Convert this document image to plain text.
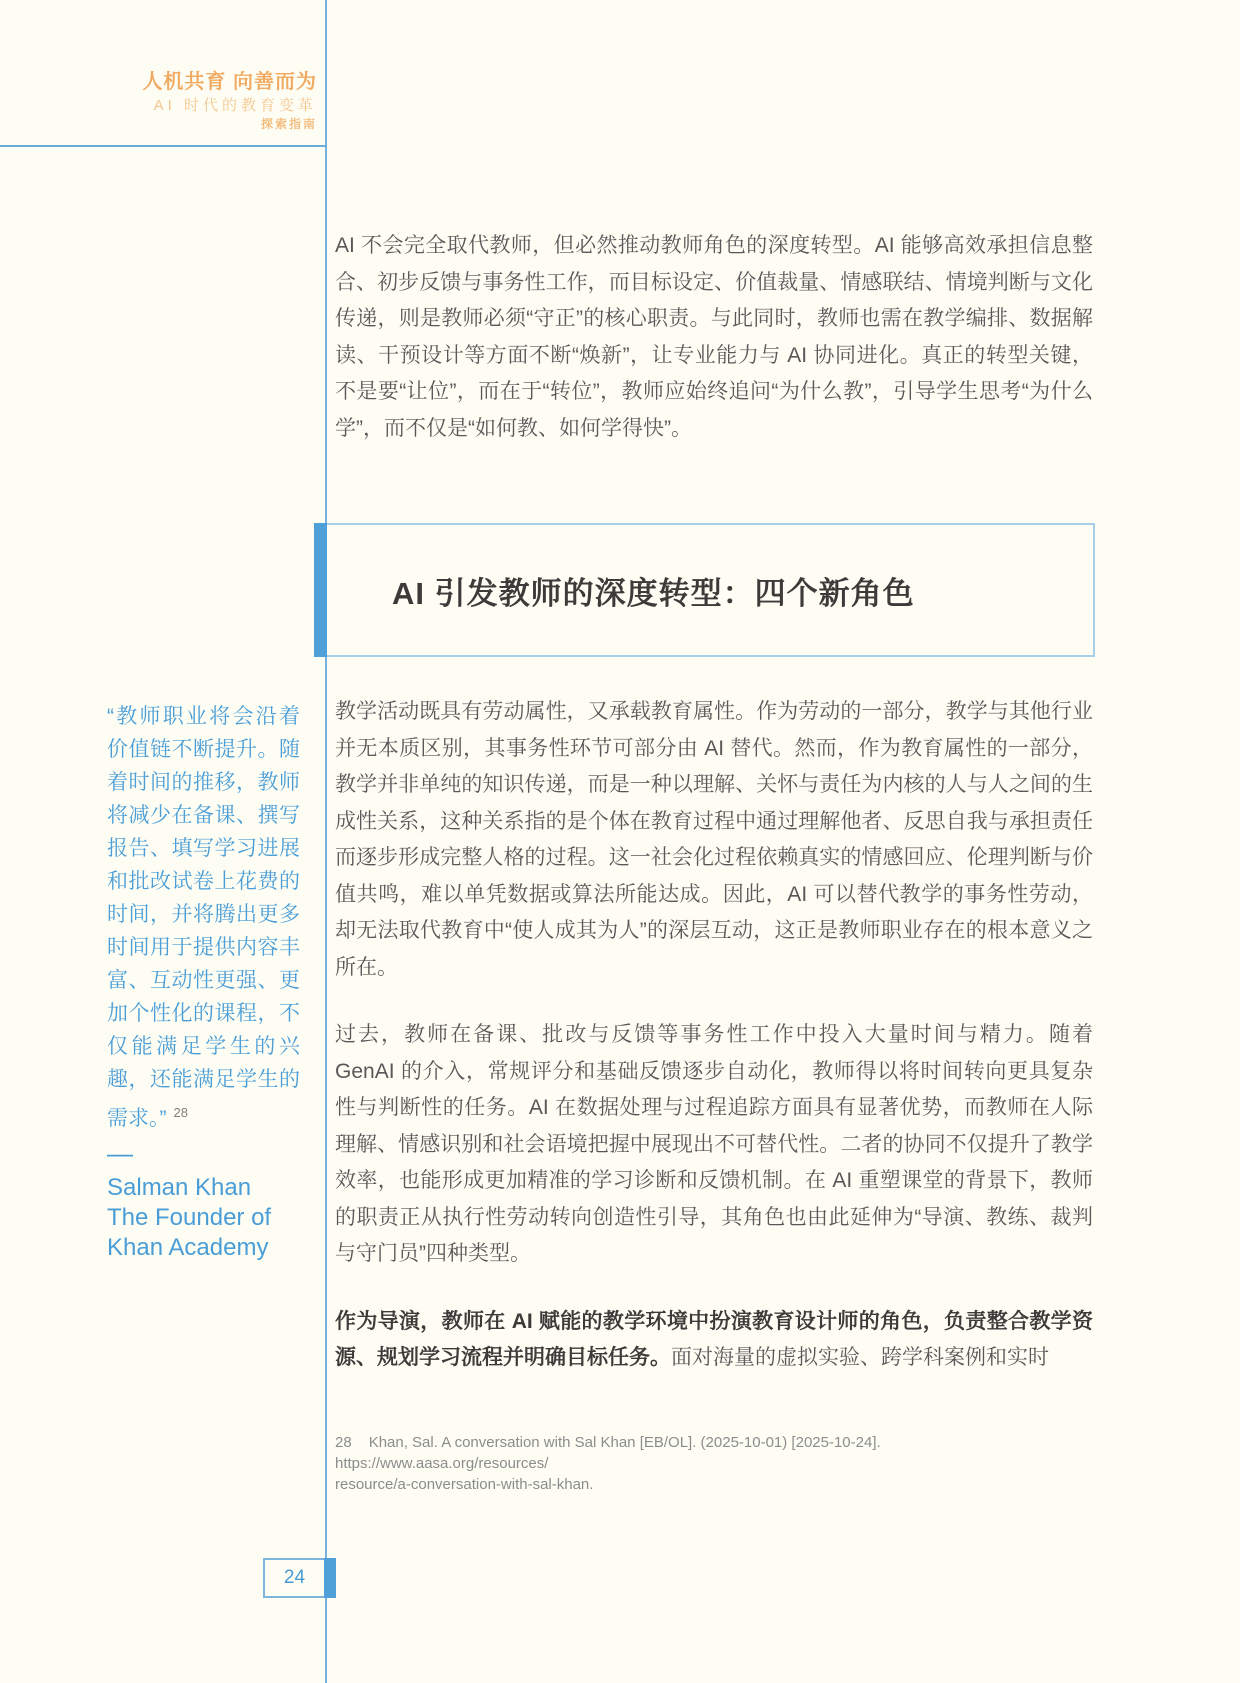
人机共育 向善而为
AI 时代的教育变革
探索指南
AI 不会完全取代教师，但必然推动教师角色的深度转型。AI 能够高效承担信息整合、初步反馈与事务性工作，而目标设定、价值裁量、情感联结、情境判断与文化传递，则是教师必须“守正”的核心职责。与此同时，教师也需在教学编排、数据解读、干预设计等方面不断“焕新”，让专业能力与 AI 协同进化。真正的转型关键，不是要“让位”，而在于“转位”，教师应始终追问“为什么教”，引导学生思考“为什么学”，而不仅是“如何教、如何学得快”。
AI 引发教师的深度转型：四个新角色
“教师职业将会沿着价值链不断提升。随着时间的推移，教师将减少在备课、撰写报告、填写学习进展和批改试卷上花费的时间，并将腾出更多时间用于提供内容丰富、互动性更强、更加个性化的课程，不仅能满足学生的兴趣，还能满足学生的需求。” $^{28}$
—
Salman Khan
The Founder of
Khan Academy

教学活动既具有劳动属性，又承载教育属性。作为劳动的一部分，教学与其他行业并无本质区别，其事务性环节可部分由 AI 替代。然而，作为教育属性的一部分，教学并非单纯的知识传递，而是一种以理解、关怀与责任为内核的人与人之间的生成性关系，这种关系指的是个体在教育过程中通过理解他者、反思自我与承担责任而逐步形成完整人格的过程。这一社会化过程依赖真实的情感回应、伦理判断与价值共鸣，难以单凭数据或算法所能达成。因此，AI 可以替代教学的事务性劳动，却无法取代教育中“使人成其为人”的深层互动，这正是教师职业存在的根本意义之所在。

过去，教师在备课、批改与反馈等事务性工作中投入大量时间与精力。随着 GenAI 的介入，常规评分和基础反馈逐步自动化，教师得以将时间转向更具复杂性与判断性的任务。AI 在数据处理与过程追踪方面具有显著优势，而教师在人际理解、情感识别和社会语境把握中展现出不可替代性。二者的协同不仅提升了教学效率，也能形成更加精准的学习诊断和反馈机制。在 AI 重塑课堂的背景下，教师的职责正从执行性劳动转向创造性引导，其角色也由此延伸为“导演、教练、裁判与守门员”四种类型。

作为导演，教师在 AI 赋能的教学环境中扮演教育设计师的角色，负责整合教学资源、规划学习流程并明确目标任务。面对海量的虚拟实验、跨学科案例和实时

28 Khan, Sal. A conversation with Sal Khan [EB/OL]. (2025-10-01) [2025-10-24]. https://www.aasa.org/resources/
resource/a-conversation-with-sal-khan.
24
